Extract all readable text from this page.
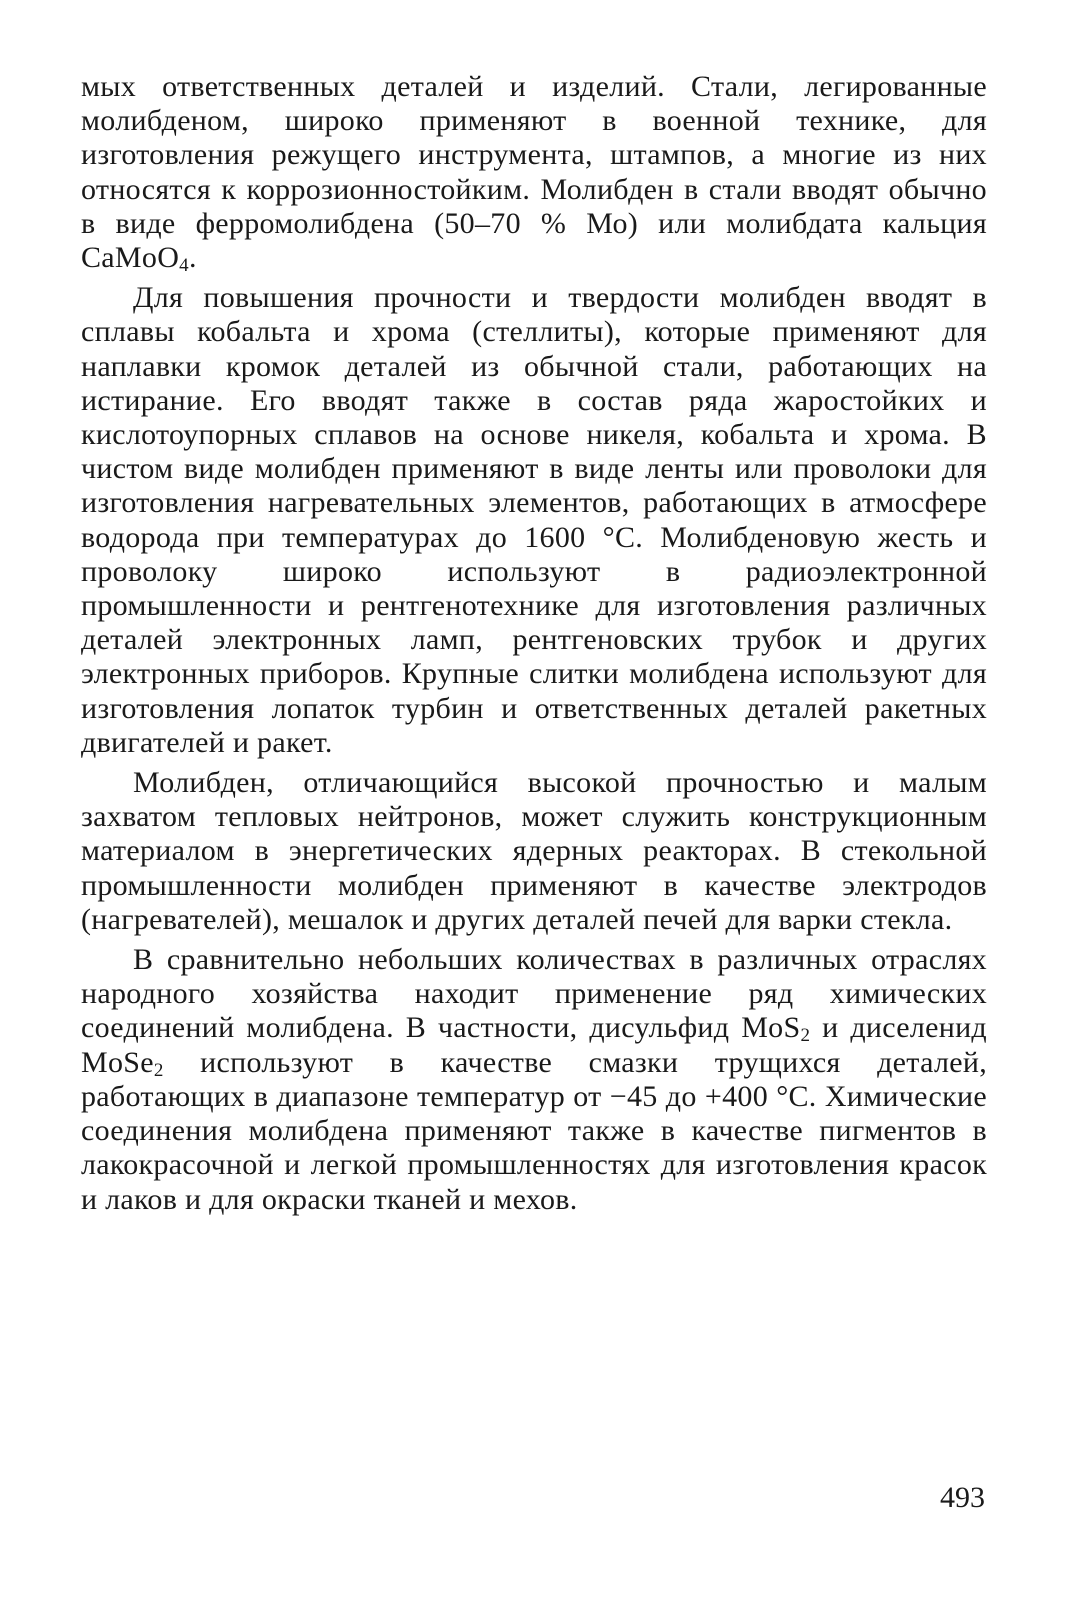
мых ответственных деталей и изделий. Стали, легированные молибденом, широко применяют в военной технике, для изготовления режущего инструмента, штампов, а многие из них относятся к коррозионностойким. Молибден в стали вводят обычно в виде ферромолибдена (50–70 % Мо) или молибдата кальция CaMoO$_4$.

Для повышения прочности и твердости молибден вводят в сплавы кобальта и хрома (стеллиты), которые применяют для наплавки кромок деталей из обычной стали, работающих на истирание. Его вводят также в состав ряда жаростойких и кислотоупорных сплавов на основе никеля, кобальта и хрома. В чистом виде молибден применяют в виде ленты или проволоки для изготовления нагревательных элементов, работающих в атмосфере водорода при температурах до 1600 °С. Молибденовую жесть и проволоку широко используют в радиоэлектронной промышленности и рентгенотехнике для изготовления различных деталей электронных ламп, рентгеновских трубок и других электронных приборов. Крупные слитки молибдена используют для изготовления лопаток турбин и ответственных деталей ракетных двигателей и ракет.

Молибден, отличающийся высокой прочностью и малым захватом тепловых нейтронов, может служить конструкционным материалом в энергетических ядерных реакторах. В стекольной промышленности молибден применяют в качестве электродов (нагревателей), мешалок и других деталей печей для варки стекла.

В сравнительно небольших количествах в различных отраслях народного хозяйства находит применение ряд химических соединений молибдена. В частности, дисульфид MoS$_2$ и диселенид MoSe$_2$ используют в качестве смазки трущихся деталей, работающих в диапазоне температур от −45 до +400 °С. Химические соединения молибдена применяют также в качестве пигментов в лакокрасочной и легкой промышленностях для изготовления красок и лаков и для окраски тканей и мехов.

493
